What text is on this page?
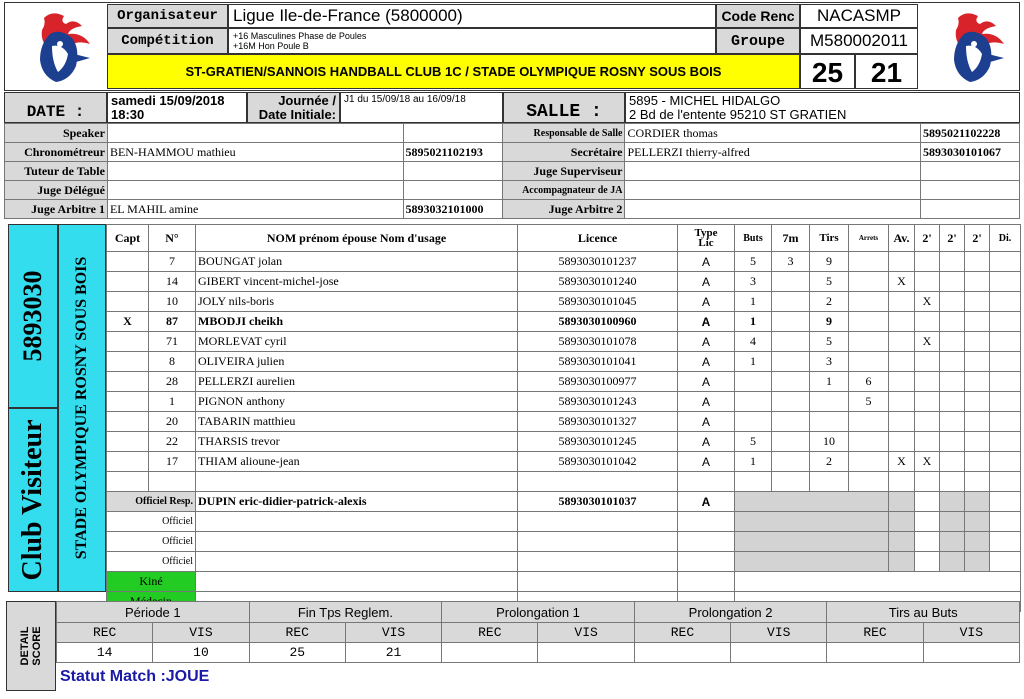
Organisateur Ligue Ile-de-France (5800000)
Compétition	+16 Masculines Phase de Poules
+16M Hon Poule B
Code Renc	NACASMP
Groupe	M580002011
ST-GRATIEN/SANNOIS HANDBALL CLUB 1C / STADE OLYMPIQUE ROSNY SOUS BOIS	25 21
DATE :
samedi 15/09/2018
18:30
Journée /
Date Initiale:
J1 du 15/09/18 au 16/09/18
SALLE :
5895 - MICHEL HIDALGO
2 Bd de l'entente 95210 ST GRATIEN
Speaker			Responsable de Salle	CORDIER thomas	5895021102228
Chronométreur	BEN-HAMMOU mathieu	5895021102193	Secrétaire	PELLERZI thierry-alfred	5893030101067
Tuteur de Table			Juge Superviseur		
Juge Délégué			Accompagnateur de JA		
Juge Arbitre 1	EL MAHIL amine	5893032101000	Juge Arbitre 2		
5893030
Club Visiteur STADE OLYMPIQUE ROSNY SOUS BOIS
Capt	N°	NOM prénom épouse Nom d'usage	Licence	Type
Lic	Buts	7m	Tirs	Arrets	Av.	2'	2'	2'	Di.
	7	BOUNGAT jolan	5893030101237	A	5	3	9						
	14	GIBERT vincent-michel-jose	5893030101240	A	3		5		X				
	10	JOLY nils-boris	5893030101045	A	1		2			X			
X	87	MBODJI cheikh	5893030100960	A	1		9						
	71	MORLEVAT cyril	5893030101078	A	4		5			X			
	8	OLIVEIRA julien	5893030101041	A	1		3						
	28	PELLERZI aurelien	5893030100977	A			1	6					
	1	PIGNON anthony	5893030101243	A				5					
	20	TABARIN matthieu	5893030101327	A									
	22	THARSIS trevor	5893030101245	A	5		10						
	17	THIAM alioune-jean	5893030101042	A	1		2		X	X			

Officiel Resp.		DUPIN eric-didier-patrick-alexis	5893030101037	A									
Officiel													
Officiel													
Officiel													
Kiné													
Médecin													
DETAIL SCORE
Période 1		Fin Tps Reglem.		Prolongation 1		Prolongation 2		Tirs au Buts	
REC	VIS	REC	VIS	REC	VIS	REC	VIS	REC	VIS
14	10	25	21						
Statut Match :JOUE
